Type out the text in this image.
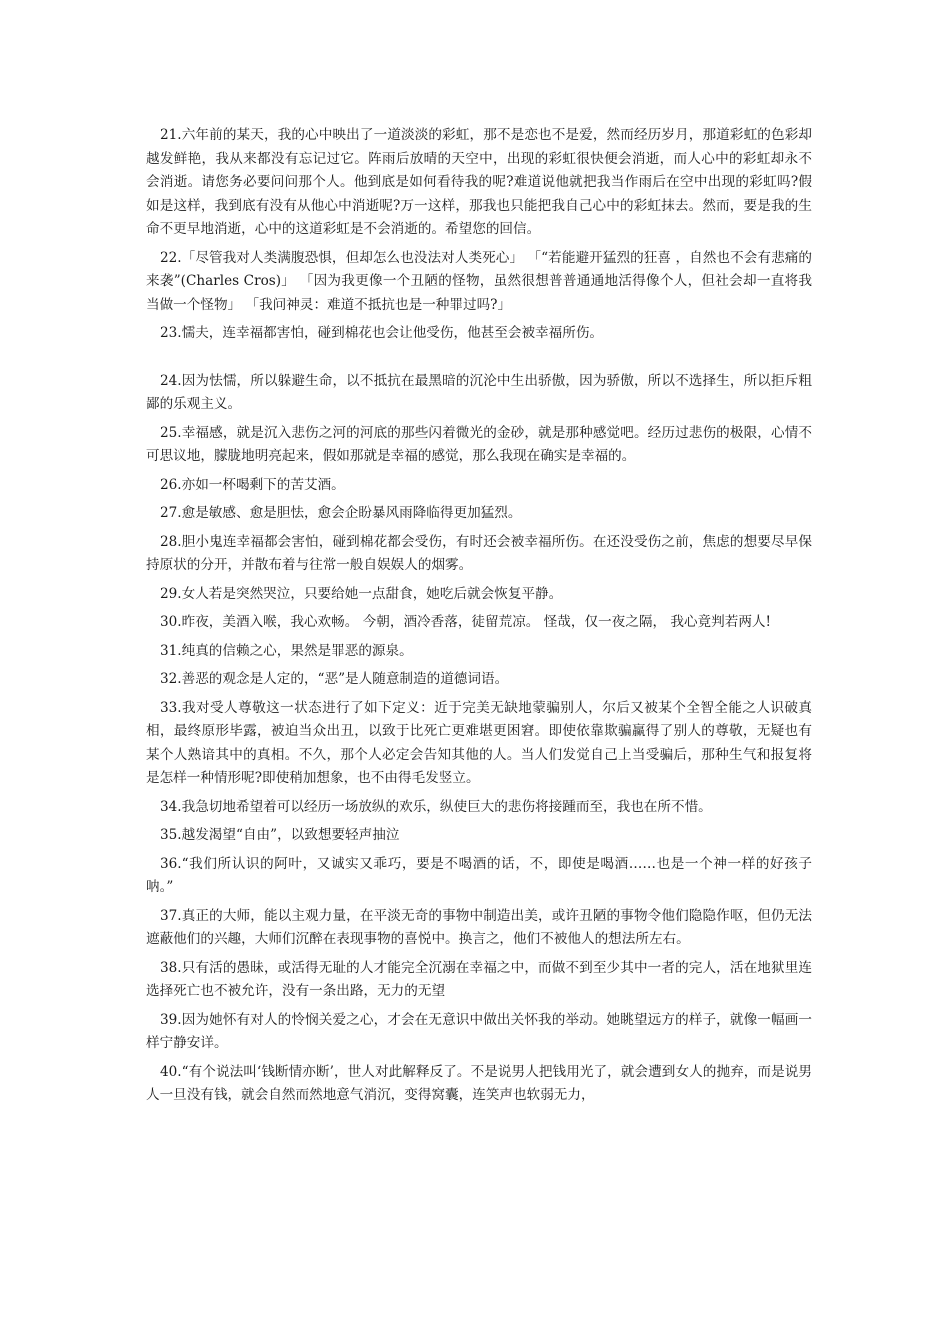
21.六年前的某天，我的心中映出了一道淡淡的彩虹，那不是恋也不是爱，然而经历岁月，那道彩虹的色彩却越发鲜艳，我从来都没有忘记过它。阵雨后放晴的天空中，出现的彩虹很快便会消逝，而人心中的彩虹却永不会消逝。请您务必要问问那个人。他到底是如何看待我的呢?难道说他就把我当作雨后在空中出现的彩虹吗?假如是这样，我到底有没有从他心中消逝呢?万一这样，那我也只能把我自己心中的彩虹抹去。然而，要是我的生命不更早地消逝，心中的这道彩虹是不会消逝的。希望您的回信。

22.「尽管我对人类满腹恐惧，但却怎么也没法对人类死心」 「“若能避开猛烈的狂喜 ，自然也不会有悲痛的来袭”(Charles Cros)」 「因为我更像一个丑陋的怪物，虽然很想普普通通地活得像个人，但社会却一直将我当做一个怪物」 「我问神灵：难道不抵抗也是一种罪过吗?」

23.懦夫，连幸福都害怕，碰到棉花也会让他受伤，他甚至会被幸福所伤。

24.因为怯懦，所以躲避生命，以不抵抗在最黑暗的沉沦中生出骄傲，因为骄傲，所以不选择生，所以拒斥粗鄙的乐观主义。

25.幸福感，就是沉入悲伤之河的河底的那些闪着微光的金砂，就是那种感觉吧。经历过悲伤的极限，心情不可思议地，朦胧地明亮起来，假如那就是幸福的感觉，那么我现在确实是幸福的。

26.亦如一杯喝剩下的苦艾酒。

27.愈是敏感、愈是胆怯，愈会企盼暴风雨降临得更加猛烈。

28.胆小鬼连幸福都会害怕，碰到棉花都会受伤，有时还会被幸福所伤。在还没受伤之前，焦虑的想要尽早保持原状的分开，并散布着与往常一般自娱娱人的烟雾。

29.女人若是突然哭泣，只要给她一点甜食，她吃后就会恢复平静。

30.昨夜，美酒入喉，我心欢畅。 今朝，酒冷香落，徒留荒凉。 怪哉，仅一夜之隔， 我心竟判若两人!

31.纯真的信赖之心，果然是罪恶的源泉。

32.善恶的观念是人定的，“恶”是人随意制造的道德词语。

33.我对受人尊敬这一状态进行了如下定义：近于完美无缺地蒙骗别人，尔后又被某个全智全能之人识破真相，最终原形毕露，被迫当众出丑，以致于比死亡更难堪更困窘。即使依靠欺骗赢得了别人的尊敬，无疑也有某个人熟谙其中的真相。不久，那个人必定会告知其他的人。当人们发觉自己上当受骗后，那种生气和报复将是怎样一种情形呢?即使稍加想象，也不由得毛发竖立。

34.我急切地希望着可以经历一场放纵的欢乐，纵使巨大的悲伤将接踵而至，我也在所不惜。

35.越发渴望“自由”，以致想要轻声抽泣

36.“我们所认识的阿叶，又诚实又乖巧，要是不喝酒的话，不，即使是喝酒……也是一个神一样的好孩子呐。”

37.真正的大师，能以主观力量，在平淡无奇的事物中制造出美，或许丑陋的事物令他们隐隐作呕，但仍无法遮蔽他们的兴趣，大师们沉醉在表现事物的喜悦中。换言之，他们不被他人的想法所左右。

38.只有活的愚昧，或活得无耻的人才能完全沉溺在幸福之中，而做不到至少其中一者的完人，活在地狱里连选择死亡也不被允许，没有一条出路，无力的无望

39.因为她怀有对人的怜悯关爱之心，才会在无意识中做出关怀我的举动。她眺望远方的样子，就像一幅画一样宁静安详。

40.“有个说法叫‘钱断情亦断’，世人对此解释反了。不是说男人把钱用光了，就会遭到女人的抛弃，而是说男人一旦没有钱，就会自然而然地意气消沉，变得窝囊，连笑声也软弱无力，
